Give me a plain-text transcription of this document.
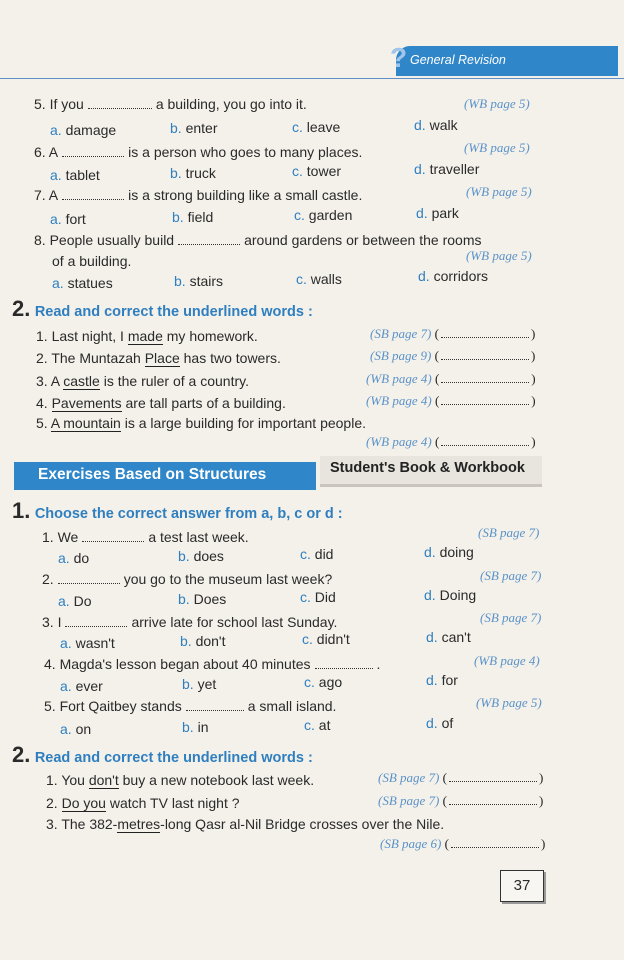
? General Revision
5. If you	a building, you go into it.	(WB page 5)
a. damage	b. enter	c. leave	d. walk
6. A	is a person who goes to many places.	(WB page 5)
a. tablet	b. truck	c. tower	d. traveller
7. A	is a strong building like a small castle.	(WB page 5)
a. fort	b. field	c. garden	d. park
8. People usually build	around gardens or between the rooms
of a building.	(WB page 5)
a. statues	b. stairs	c. walls	d. corridors
2. Read and correct the underlined words :
1. Last night, I made my homework.	(SB page 7) (	)
2. The Muntazah Place has two towers.	(SB page 9) (	)
3. A castle is the ruler of a country.	(WB page 4) (	)
4. Pavements are tall parts of a building.	(WB page 4) (	)
5. A mountain is a large building for important people.
(WB page 4) (	)
Exercises Based on Structures	Student's Book & Workbook
1. Choose the correct answer from a, b, c or d :
1. We	a test last week.	(SB page 7)
a. do	b. does	c. did	d. doing
2.	you go to the museum last week?	(SB page 7)
a. Do	b. Does	c. Did	d. Doing
3. I	arrive late for school last Sunday.	(SB page 7)
a. wasn't	b. don't	c. didn't	d. can't
4. Magda's lesson began about 40 minutes	.	(WB page 4)
a. ever	b. yet	c. ago	d. for
5. Fort Qaitbey stands	a small island.	(WB page 5)
a. on	b. in	c. at	d. of
2. Read and correct the underlined words :
1. You don't buy a new notebook last week.	(SB page 7) (	)
2. Do you watch TV last night ?	(SB page 7) (	)
3. The 382-metres-long Qasr al-Nil Bridge crosses over the Nile.
(SB page 6) (	)
37
